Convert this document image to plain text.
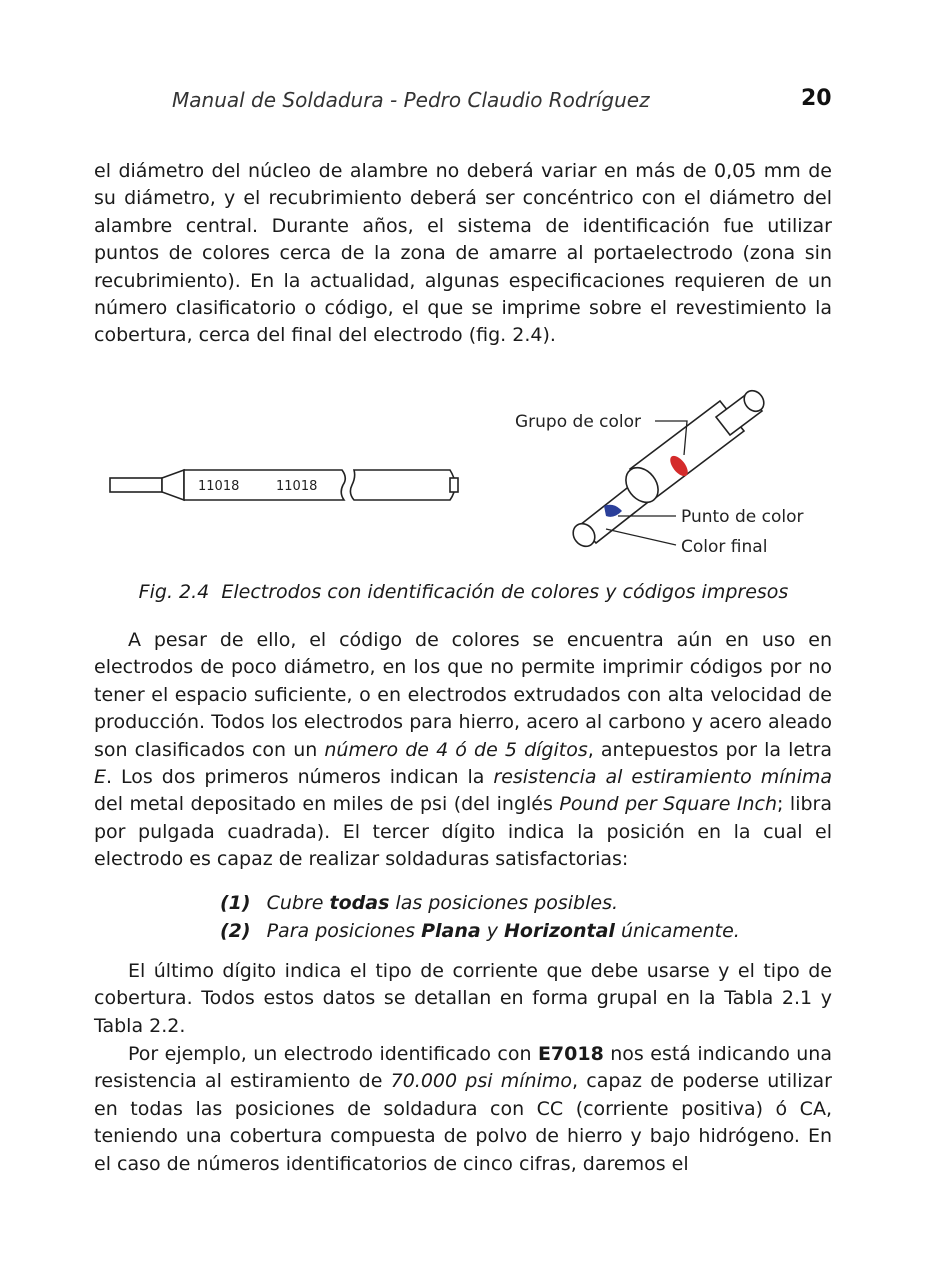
Manual de Soldadura - Pedro Claudio Rodríguez	20

el diámetro del núcleo de alambre no deberá variar en más de 0,05 mm de su diámetro, y el recubrimiento deberá ser concéntrico con el diámetro del alambre central. Durante años, el sistema de identificación fue utilizar puntos de colores cerca de la zona de amarre al portaelectrodo (zona sin recubrimiento). En la actualidad, algunas especificaciones requieren de un número clasificatorio o código, el que se imprime sobre el revestimiento la cobertura, cerca del final del electrodo (fig. 2.4).

11018	11018
Grupo de color
Punto de color
Color final
Fig. 2.4 Electrodos con identificación de colores y códigos impresos

A pesar de ello, el código de colores se encuentra aún en uso en electrodos de poco diámetro, en los que no permite imprimir códigos por no tener el espacio suficiente, o en electrodos extrudados con alta velocidad de producción. Todos los electrodos para hierro, acero al carbono y acero aleado son clasificados con un número de 4 ó de 5 dígitos, antepuestos por la letra E. Los dos primeros números indican la resistencia al estiramiento mínima del metal depositado en miles de psi (del inglés Pound per Square Inch; libra por pulgada cuadrada). El tercer dígito indica la posición en la cual el electrodo es capaz de realizar soldaduras satisfactorias:

(1) Cubre todas las posiciones posibles.
(2) Para posiciones Plana y Horizontal únicamente.

El último dígito indica el tipo de corriente que debe usarse y el tipo de cobertura. Todos estos datos se detallan en forma grupal en la Tabla 2.1 y Tabla 2.2.

Por ejemplo, un electrodo identificado con E7018 nos está indicando una resistencia al estiramiento de 70.000 psi mínimo, capaz de poderse utilizar en todas las posiciones de soldadura con CC (corriente positiva) ó CA, teniendo una cobertura compuesta de polvo de hierro y bajo hidrógeno. En el caso de números identificatorios de cinco cifras, daremos el
